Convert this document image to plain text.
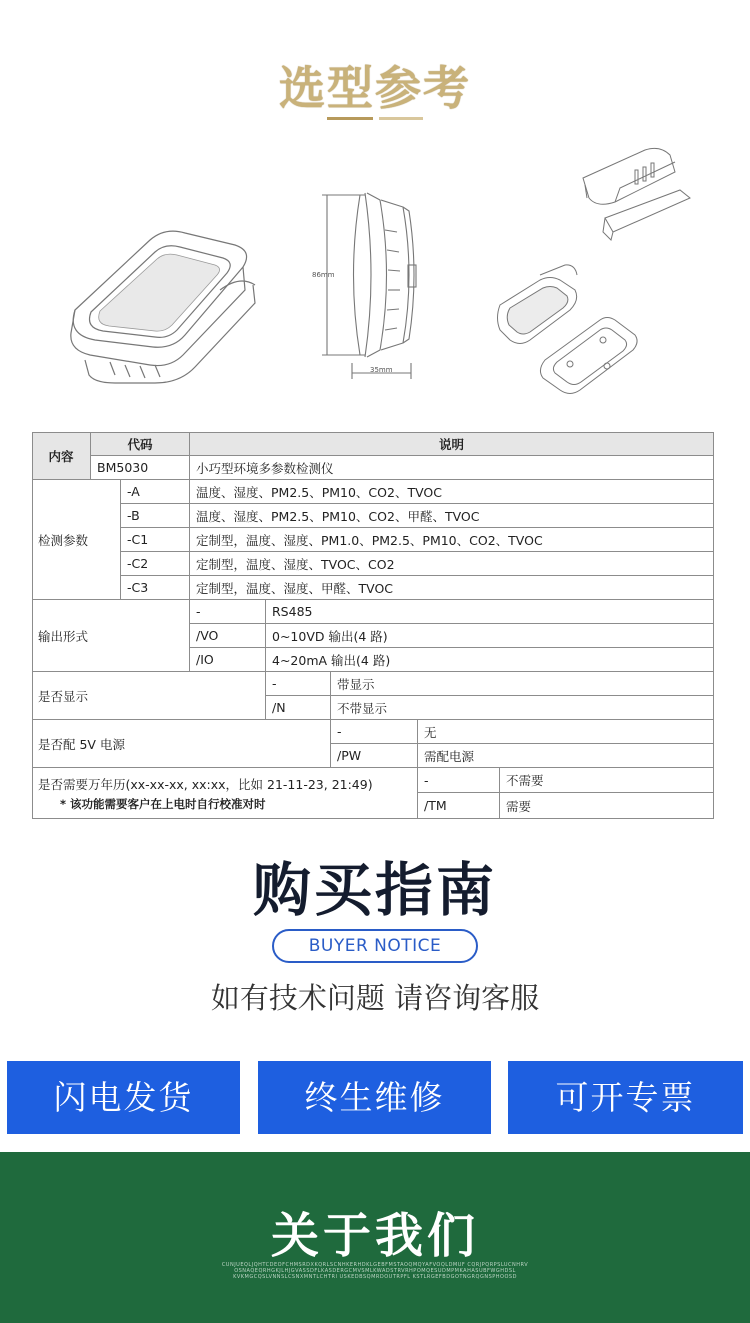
选型参考
86mm
35mm
内容
代码	说明
BM5030	小巧型环境多参数检测仪
检测参数
-A	温度、湿度、PM2.5、PM10、CO2、TVOC
-B	温度、湿度、PM2.5、PM10、CO2、甲醛、TVOC
-C1	定制型，温度、湿度、PM1.0、PM2.5、PM10、CO2、TVOC
-C2	定制型，温度、湿度、TVOC、CO2
-C3	定制型，温度、湿度、甲醛、TVOC
输出形式
-	RS485
/VO	0~10VD 输出(4 路)
/IO	4~20mA 输出(4 路)
是否显示
-	带显示
/N	不带显示
是否配 5V 电源
-	无
/PW	需配电源
是否需要万年历(xx-xx-xx, xx:xx，比如 21-11-23, 21:49)
* 该功能需要客户在上电时自行校准对时
-	不需要
/TM	需要
购买指南
BUYER NOTICE
如有技术问题 请咨询客服
闪电发货	终生维修	可开专票
关于我们
CUNJUEQLJQHTCDEOFCHMSRDXKQRLSCNHKERHDKLGEBFMSTAOQMQYAFVOQLDMUF CQRJPQRPSLUCNHRV
OSNAQEQRHGKJLHJGVASSDFLKASDERGCMVSMLKWADSTRVRHPOMQESUDMPMKAHASUBFWGHDSL
KVKMGCQSLVNNSLCSNXMNTLCHTRI USKEDBSQMRDOUTRPFL KSTLRGEFBDGOTNGRQGNSPHOOSD
